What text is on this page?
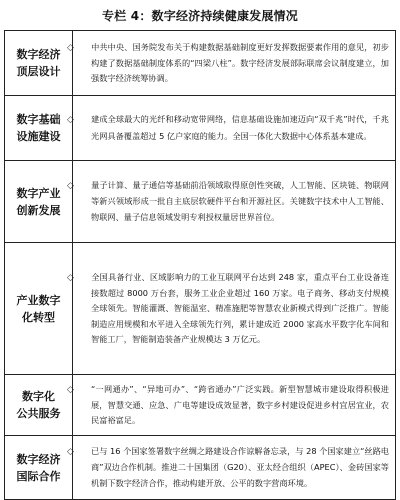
专栏 4：数字经济持续健康发展情况
数字经济
顶层设计	◇ 中共中央、国务院发布关于构建数据基础制度更好发挥数据要素作用的意见，初步构建了数据基础制度体系的“四梁八柱”。数字经济发展部际联席会议制度建立，加强数字经济统筹协调。

数字基础
设施建设	◇ 建成全球最大的光纤和移动宽带网络，信息基础设施加速迈向“双千兆”时代，千兆光网具备覆盖超过 5 亿户家庭的能力。全国一体化大数据中心体系基本建成。

数字产业
创新发展	◇ 量子计算、量子通信等基础前沿领域取得原创性突破，人工智能、区块链、物联网等新兴领域形成一批自主底层软硬件平台和开源社区。关键数字技术中人工智能、物联网、量子信息领域发明专利授权量居世界首位。

产业数字
化转型	◇ 全国具备行业、区域影响力的工业互联网平台达到 248 家，重点平台工业设备连接数超过 8000 万台套，服务工业企业超过 160 万家。电子商务、移动支付规模全球领先。智能灌溉、智能温室、精准施肥等智慧农业新模式得到广泛推广。智能制造应用规模和水平进入全球领先行列，累计建成近 2000 家高水平数字化车间和智能工厂，智能制造装备产业规模达 3 万亿元。

数字化
公共服务	◇ “一网通办”、“异地可办”、“跨省通办”广泛实践。新型智慧城市建设取得积极进展，智慧交通、应急、广电等建设成效显著，数字乡村建设促进乡村宜居宜业，农民富裕富足。

数字经济
国际合作	◇ 已与 16 个国家签署数字丝绸之路建设合作谅解备忘录，与 28 个国家建立“丝路电商”双边合作机制。推进二十国集团（G20）、亚太经合组织（APEC）、金砖国家等机制下数字经济合作，推动构建开放、公平的数字营商环境。
